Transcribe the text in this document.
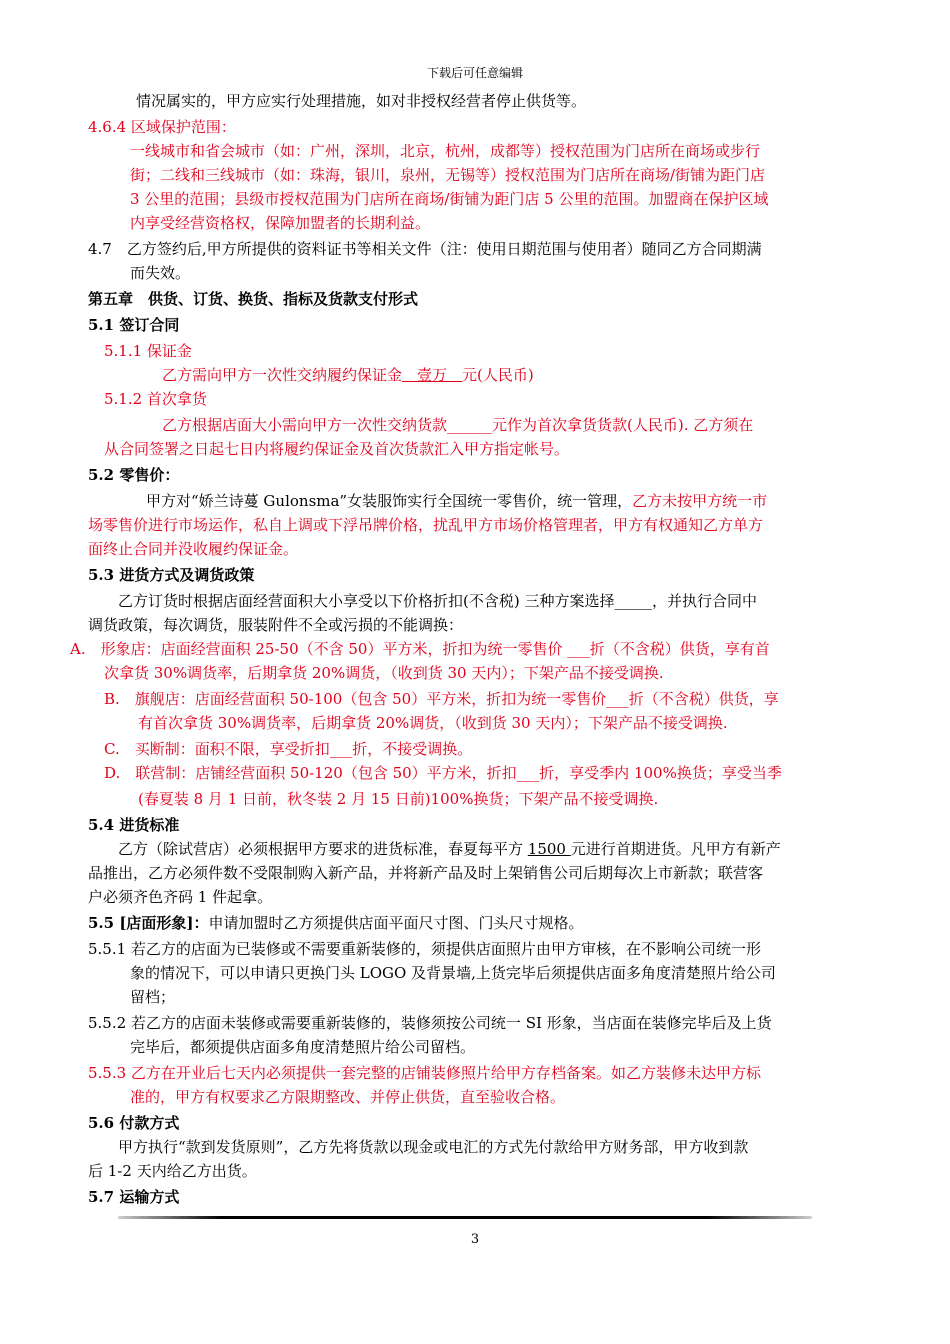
下载后可任意编辑
情况属实的，甲方应实行处理措施，如对非授权经营者停止供货等。
4.6.4 区域保护范围：
一线城市和省会城市（如：广州，深圳，北京，杭州，成都等）授权范围为门店所在商场或步行
街；二线和三线城市（如：珠海，银川，泉州，无锡等）授权范围为门店所在商场/街铺为距门店
3 公里的范围；县级市授权范围为门店所在商场/街铺为距门店 5 公里的范围。加盟商在保护区域
内享受经营资格权，保障加盟者的长期利益。
4.7　乙方签约后,甲方所提供的资料证书等相关文件（注：使用日期范围与使用者）随同乙方合同期满
而失效。
第五章　供货、订货、换货、指标及货款支付形式
5.1 签订合同
5.1.1 保证金
乙方需向甲方一次性交纳履约保证金　壹万　元(人民币)
5.1.2 首次拿货
乙方根据店面大小需向甲方一次性交纳货款______元作为首次拿货货款(人民币). 乙方须在
从合同签署之日起七日内将履约保证金及首次货款汇入甲方指定帐号。
5.2 零售价：
甲方对“娇兰诗蔓 Gulonsma”女装服饰实行全国统一零售价，统一管理，乙方未按甲方统一市
场零售价进行市场运作，私自上调或下浮吊牌价格，扰乱甲方市场价格管理者，甲方有权通知乙方单方
面终止合同并没收履约保证金。
5.3 进货方式及调货政策
乙方订货时根据店面经营面积大小享受以下价格折扣(不含税) 三种方案选择_____，并执行合同中
调货政策，每次调货，服装附件不全或污损的不能调换：
A.　形象店：店面经营面积 25-50（不含 50）平方米，折扣为统一零售价 ___折（不含税）供货，享有首
次拿货 30%调货率，后期拿货 20%调货，（收到货 30 天内）；下架产品不接受调换.
B.　旗舰店：店面经营面积 50-100（包含 50）平方米，折扣为统一零售价___折（不含税）供货，享
有首次拿货 30%调货率，后期拿货 20%调货，（收到货 30 天内）；下架产品不接受调换.
C.　买断制：面积不限，享受折扣___折，不接受调换。
D.　联营制：店铺经营面积 50-120（包含 50）平方米，折扣___折，享受季内 100%换货；享受当季
(春夏装 8 月 1 日前，秋冬装 2 月 15 日前)100%换货；下架产品不接受调换.
5.4 进货标准
乙方（除试营店）必须根据甲方要求的进货标准，春夏每平方 1500 元进行首期进货。凡甲方有新产
品推出，乙方必须件数不受限制购入新产品，并将新产品及时上架销售公司后期每次上市新款；联营客
户必须齐色齐码 1 件起拿。
5.5 [店面形象]：申请加盟时乙方须提供店面平面尺寸图、门头尺寸规格。
5.5.1 若乙方的店面为已装修或不需要重新装修的，须提供店面照片由甲方审核，在不影响公司统一形
象的情况下，可以申请只更换门头 LOGO 及背景墙,上货完毕后须提供店面多角度清楚照片给公司
留档；
5.5.2 若乙方的店面未装修或需要重新装修的，装修须按公司统一 SI 形象，当店面在装修完毕后及上货
完毕后，都须提供店面多角度清楚照片给公司留档。
5.5.3 乙方在开业后七天内必须提供一套完整的店铺装修照片给甲方存档备案。如乙方装修未达甲方标
准的，甲方有权要求乙方限期整改、并停止供货，直至验收合格。
5.6 付款方式
甲方执行“款到发货原则”，乙方先将货款以现金或电汇的方式先付款给甲方财务部，甲方收到款
后 1-2 天内给乙方出货。
5.7 运输方式
3
